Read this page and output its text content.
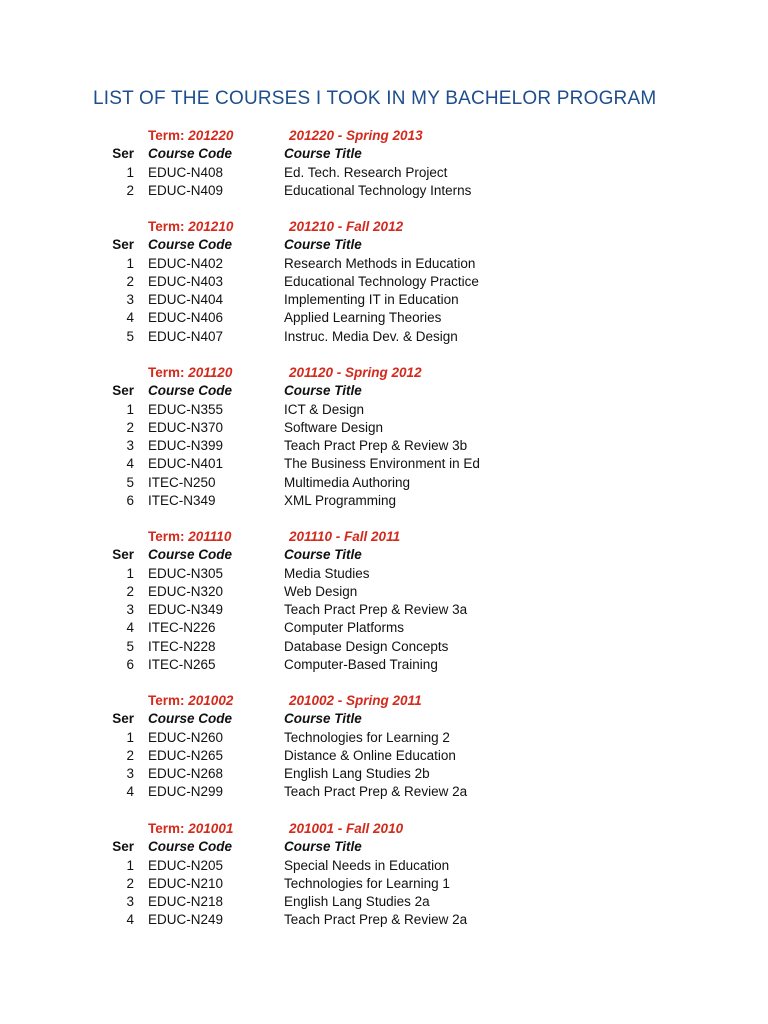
LIST OF THE COURSES I TOOK IN MY BACHELOR PROGRAM
Term: 201220	201220 - Spring 2013
Ser Course Code	Course Title
1 EDUC-N408	Ed. Tech. Research Project
2 EDUC-N409	Educational Technology Interns
Term: 201210	201210 - Fall 2012
Ser Course Code	Course Title
1 EDUC-N402	Research Methods in Education
2 EDUC-N403	Educational Technology Practice
3 EDUC-N404	Implementing IT in Education
4 EDUC-N406	Applied Learning Theories
5 EDUC-N407	Instruc. Media Dev. & Design
Term: 201120	201120 - Spring 2012
Ser Course Code	Course Title
1 EDUC-N355	ICT & Design
2 EDUC-N370	Software Design
3 EDUC-N399	Teach Pract Prep & Review 3b
4 EDUC-N401	The Business Environment in Ed
5 ITEC-N250	Multimedia Authoring
6 ITEC-N349	XML Programming
Term: 201110	201110 - Fall 2011
Ser Course Code	Course Title
1 EDUC-N305	Media Studies
2 EDUC-N320	Web Design
3 EDUC-N349	Teach Pract Prep & Review 3a
4 ITEC-N226	Computer Platforms
5 ITEC-N228	Database Design Concepts
6 ITEC-N265	Computer-Based Training
Term: 201002	201002 - Spring 2011
Ser Course Code	Course Title
1 EDUC-N260	Technologies for Learning 2
2 EDUC-N265	Distance & Online Education
3 EDUC-N268	English Lang Studies 2b
4 EDUC-N299	Teach Pract Prep & Review 2a
Term: 201001	201001 - Fall 2010
Ser Course Code	Course Title
1 EDUC-N205	Special Needs in Education
2 EDUC-N210	Technologies for Learning 1
3 EDUC-N218	English Lang Studies 2a
4 EDUC-N249	Teach Pract Prep & Review 2a
